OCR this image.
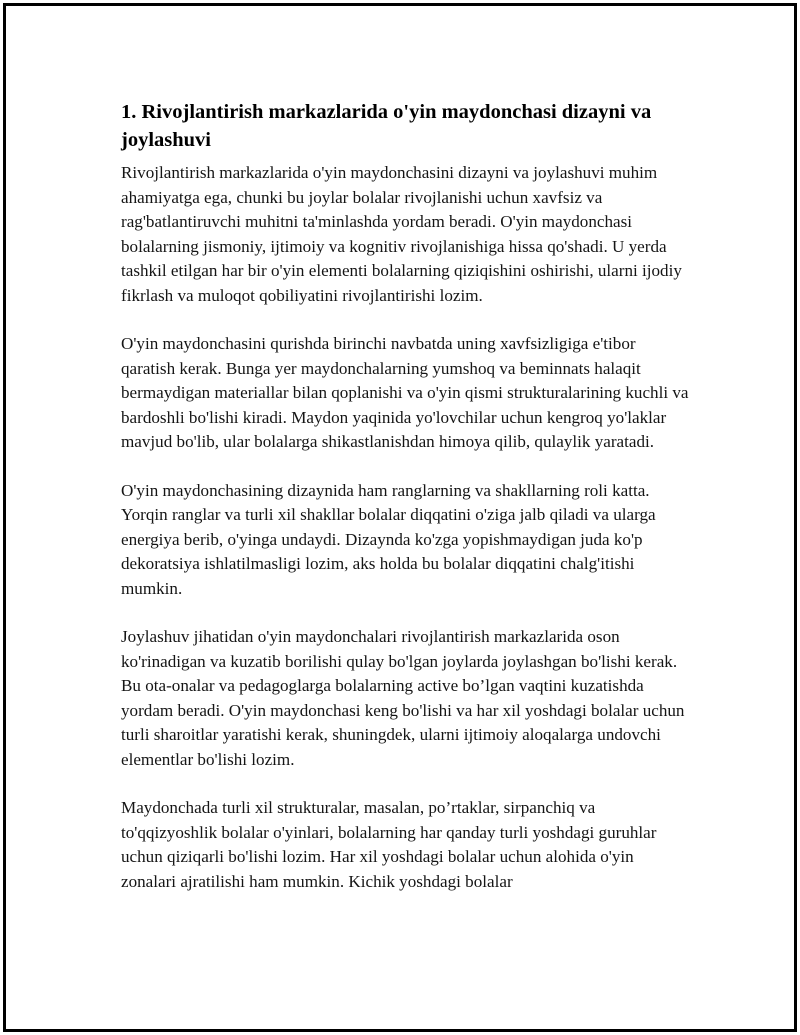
1. Rivojlantirish markazlarida o'yin maydonchasi dizayni va joylashuvi

Rivojlantirish markazlarida o'yin maydonchasini dizayni va joylashuvi muhim ahamiyatga ega, chunki bu joylar bolalar rivojlanishi uchun xavfsiz va rag'batlantiruvchi muhitni ta'minlashda yordam beradi. O'yin maydonchasi bolalarning jismoniy, ijtimoiy va kognitiv rivojlanishiga hissa qo'shadi. U yerda tashkil etilgan har bir o'yin elementi bolalarning qiziqishini oshirishi, ularni ijodiy fikrlash va muloqot qobiliyatini rivojlantirishi lozim.

O'yin maydonchasini qurishda birinchi navbatda uning xavfsizligiga e'tibor qaratish kerak. Bunga yer maydonchalarning yumshoq va beminnats halaqit bermaydigan materiallar bilan qoplanishi va o'yin qismi strukturalarining kuchli va bardoshli bo'lishi kiradi. Maydon yaqinida yo'lovchilar uchun kengroq yo'laklar mavjud bo'lib, ular bolalarga shikastlanishdan himoya qilib, qulaylik yaratadi.

O'yin maydonchasining dizaynida ham ranglarning va shakllarning roli katta. Yorqin ranglar va turli xil shakllar bolalar diqqatini o'ziga jalb qiladi va ularga energiya berib, o'yinga undaydi. Dizaynda ko'zga yopishmaydigan juda ko'p dekoratsiya ishlatilmasligi lozim, aks holda bu bolalar diqqatini chalg'itishi mumkin.

Joylashuv jihatidan o'yin maydonchalari rivojlantirish markazlarida oson ko'rinadigan va kuzatib borilishi qulay bo'lgan joylarda joylashgan bo'lishi kerak. Bu ota-onalar va pedagoglarga bolalarning active bo’lgan vaqtini kuzatishda yordam beradi. O'yin maydonchasi keng bo'lishi va har xil yoshdagi bolalar uchun turli sharoitlar yaratishi kerak, shuningdek, ularni ijtimoiy aloqalarga undovchi elementlar bo'lishi lozim.

Maydonchada turli xil strukturalar, masalan, po’rtaklar, sirpanchiq va to'qqizyoshlik bolalar o'yinlari, bolalarning har qanday turli yoshdagi guruhlar uchun qiziqarli bo'lishi lozim. Har xil yoshdagi bolalar uchun alohida o'yin zonalari ajratilishi ham mumkin. Kichik yoshdagi bolalar
